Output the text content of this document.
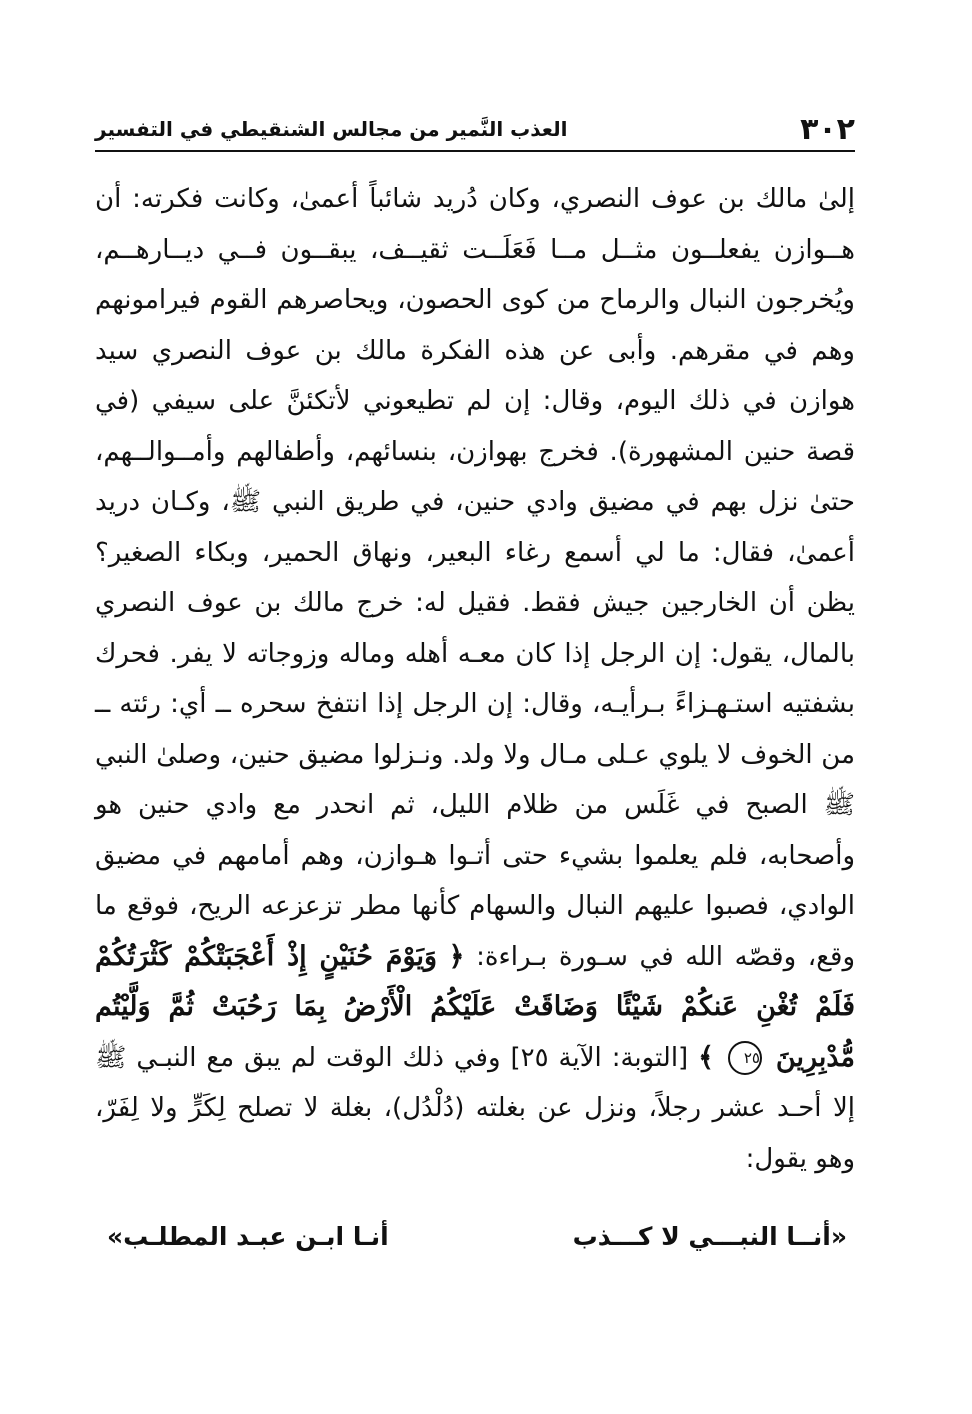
٣٠٢
العذب النَّمير من مجالس الشنقيطي في التفسير
إلىٰ مالك بن عوف النصري، وكان دُريد شائباً أعمىٰ، وكانت فكرته: أن هــوازن يفعلــون مثــل مــا فَعَلَــت ثقيــف، يبقــون فــي ديــارهــم، ويُخرجون النبال والرماح من كوى الحصون، ويحاصرهم القوم فيرامونهم وهم في مقرهم. وأبى عن هذه الفكرة مالك بن عوف النصري سيد هوازن في ذلك اليوم، وقال: إن لم تطيعوني لأتكئنَّ على سيفي (في قصة حنين المشهورة). فخرج بهوازن، بنسائهم، وأطفالهم وأمــوالــهم، حتىٰ نزل بهم في مضيق وادي حنين، في طريق النبي ﷺ، وكـان دريد أعمىٰ، فقال: ما لي أسمع رغاء البعير، ونهاق الحمير، وبكاء الصغير؟ يظن أن الخارجين جيش فقط. فقيل له: خرج مالك بن عوف النصري بالمال، يقول: إن الرجل إذا كان معـه أهله وماله وزوجاته لا يفر. فحرك بشفتيه استـهـزاءً بـرأيـه، وقال: إن الرجل إذا انتفخ سحره ــ أي: رئته ــ من الخوف لا يلوي عـلى مـال ولا ولد. ونـزلوا مضيق حنين، وصلىٰ النبي ﷺ الصبح في غَلَس من ظلام الليل، ثم انحدر مع وادي حنين هو وأصحابه، فلم يعلموا بشيء حتى أتـوا هـوازن، وهم أمامهم في مضيق الوادي، فصبوا عليهم النبال والسهام كأنها مطر تزعزعه الريح، فوقع ما وقع، وقصّه الله في سـورة بـراءة: ﴿ وَيَوْمَ حُنَيْنٍ إِذْ أَعْجَبَتْكُمْ كَثْرَتُكُمْ فَلَمْ تُغْنِ عَنكُمْ شَيْئًا وَضَاقَتْ عَلَيْكُمُ الْأَرْضُ بِمَا رَحُبَتْ ثُمَّ وَلَّيْتُم مُّدْبِرِينَ ٢٥ ﴾ [التوبة: الآية ٢٥] وفي ذلك الوقت لم يبق مع النبـي ﷺ إلا أحـد عشر رجلاً، ونزل عن بغلته (دُلْدُل)، بغلة لا تصلح لِكَرٍّ ولا لِفَرّ، وهو يقول:
«أنــا النبـــي لا كـــذب
أنـا ابـن عبـد المطلـب»
